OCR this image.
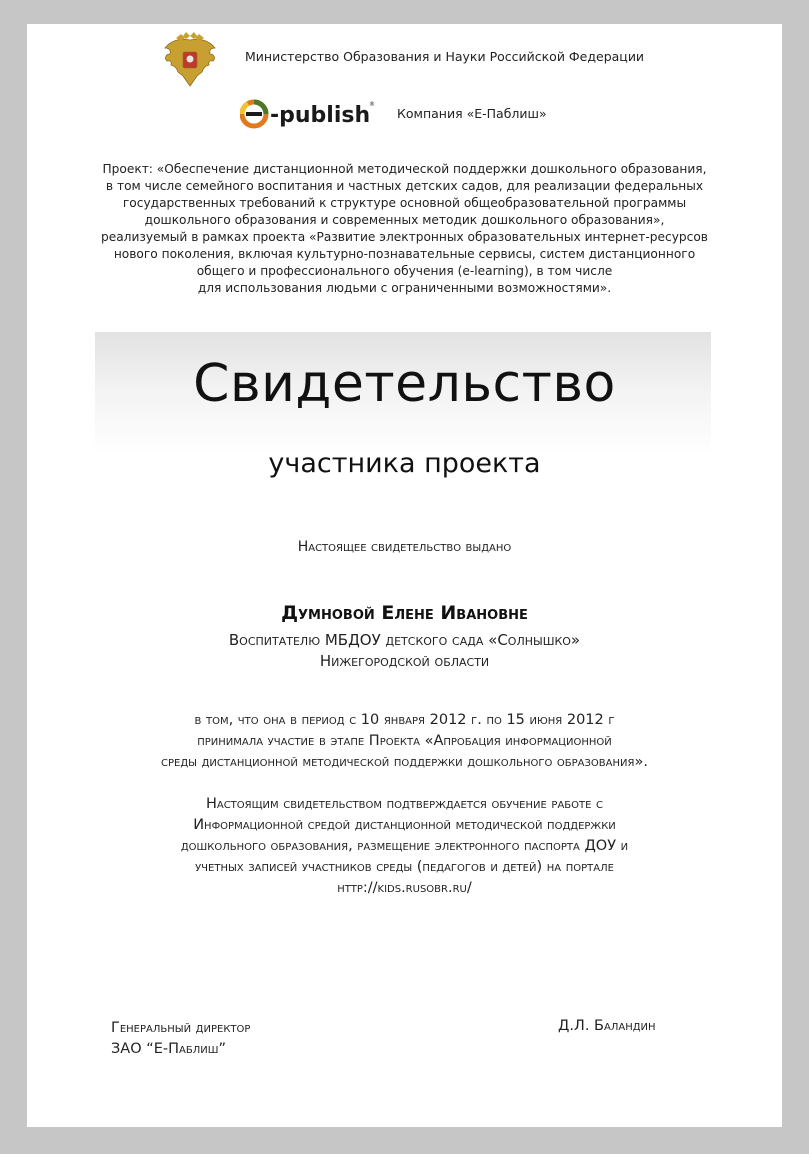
Министерство Образования и Науки Российской Федерации
-publish
®
Компания «Е-Паблиш»
Проект: «Обеспечение дистанционной методической поддержки дошкольного образования,
в том числе семейного воспитания и частных детских садов, для реализации федеральных
государственных требований к структуре основной общеобразовательной программы
дошкольного образования и современных методик дошкольного образования»,
реализуемый в рамках проекта «Развитие электронных образовательных интернет-ресурсов
нового поколения, включая культурно-познавательные сервисы, систем дистанционного
общего и профессионального обучения (e-learning), в том числе
для использования людьми с ограниченными возможностями».
Свидетельство
участника проекта
Настоящее свидетельство выдано
Думновой Елене Ивановне
Воспитателю МБДОУ детского сада «Солнышко»
Нижегородской области
в том, что она в период с 10 января 2012 г. по 15 июня 2012 г
принимала участие в этапе Проекта «Апробация информационной
среды дистанционной методической поддержки дошкольного образования».
Настоящим свидетельством подтверждается обучение работе с
Информационной средой дистанционной методической поддержки
дошкольного образования, размещение электронного паспорта ДОУ и
учетных записей участников среды (педагогов и детей) на портале
http://kids.rusobr.ru/
Генеральный директор
ЗАО “Е-Паблиш”
Д.Л. Баландин
